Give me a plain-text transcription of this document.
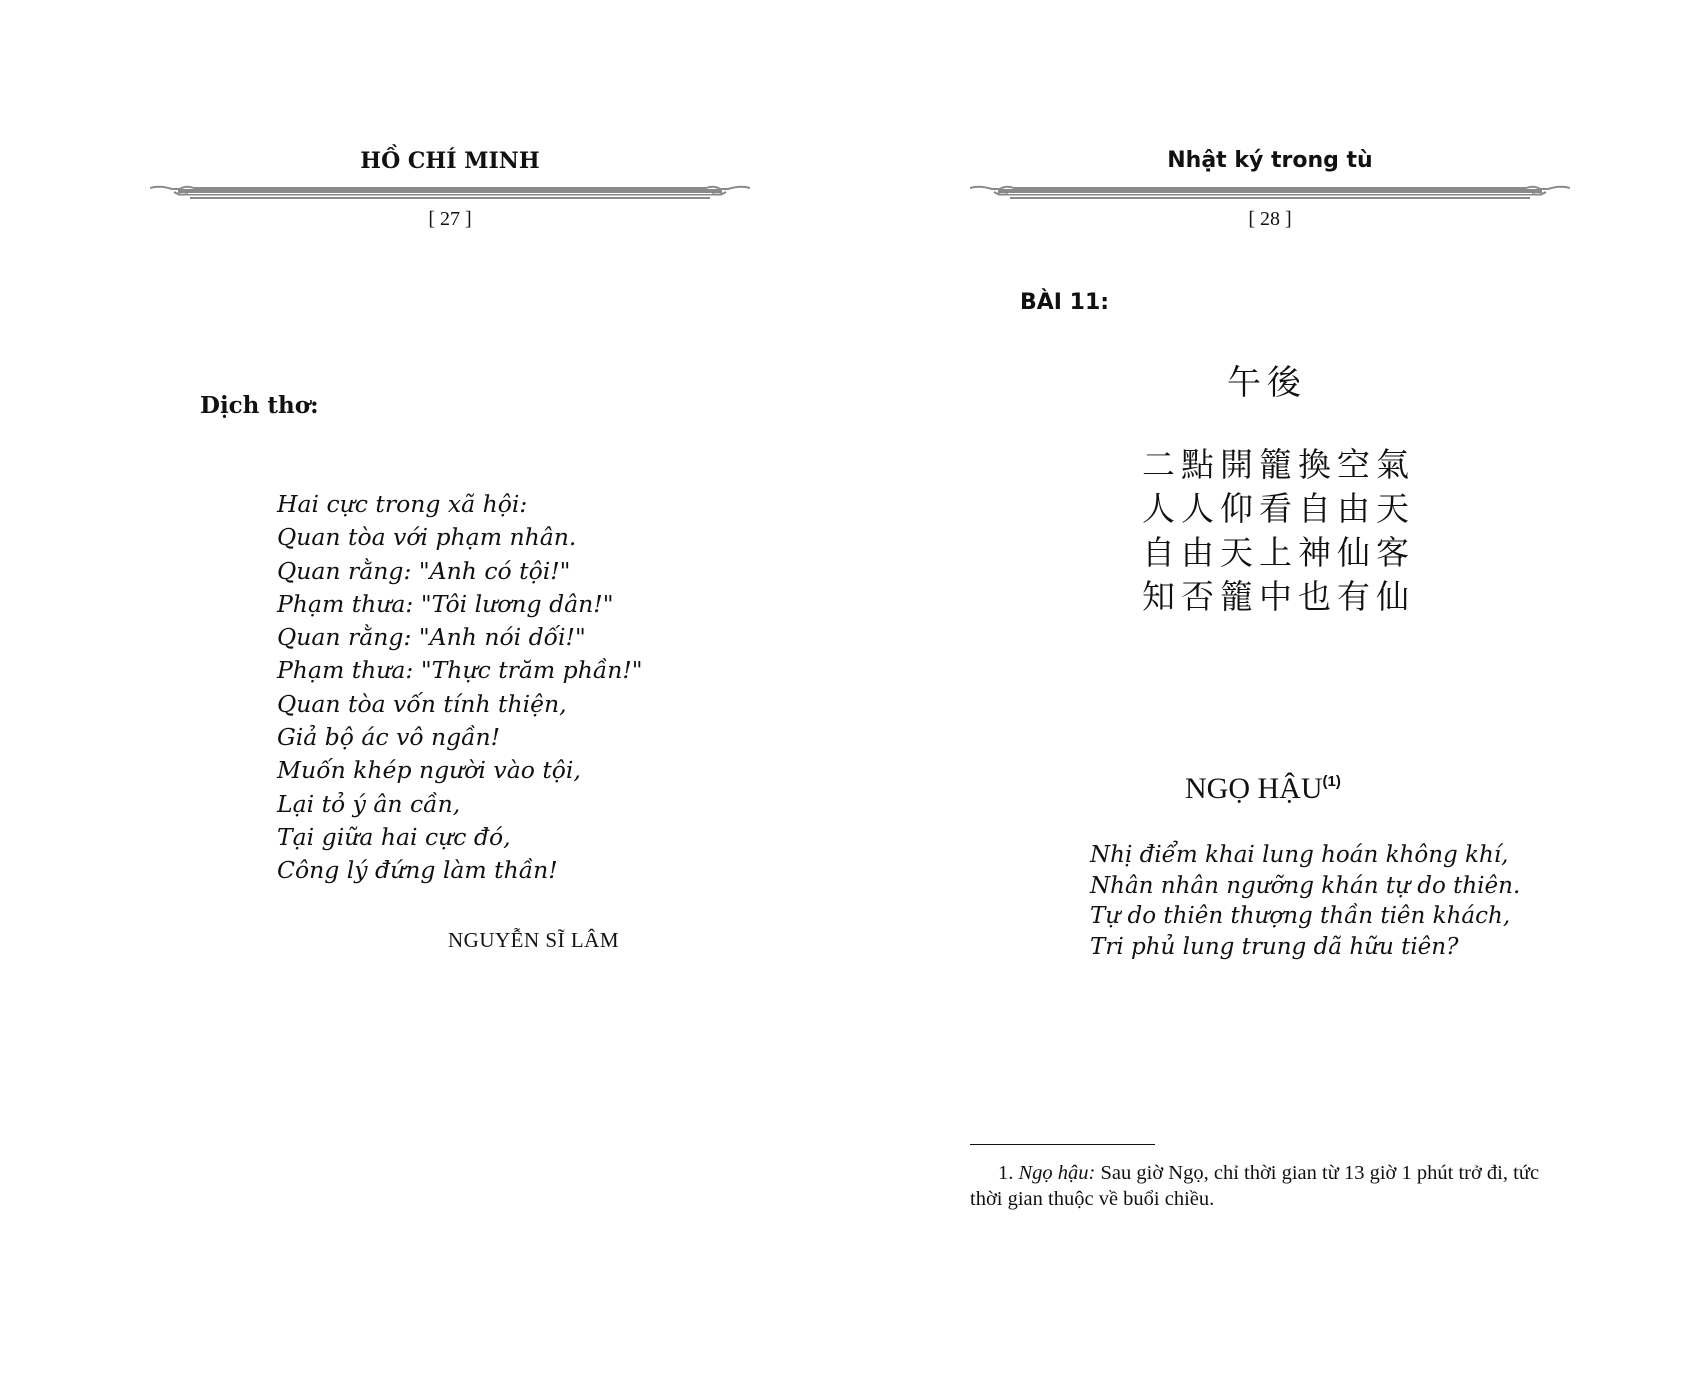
HỒ CHÍ MINH
[ 27 ]
Dịch thơ:
Hai cực trong xã hội:
Quan tòa với phạm nhân.
Quan rằng: "Anh có tội!"
Phạm thưa: "Tôi lương dân!"
Quan rằng: "Anh nói dối!"
Phạm thưa: "Thực trăm phần!"
Quan tòa vốn tính thiện,
Giả bộ ác vô ngần!
Muốn khép người vào tội,
Lại tỏ ý ân cần,
Tại giữa hai cực đó,
Công lý đứng làm thần!
NGUYỄN SĨ LÂM
Nhật ký trong tù
[ 28 ]
BÀI 11:
午後
二點開籠換空氣
人人仰看自由天
自由天上神仙客
知否籠中也有仙
NGỌ HẬU$^{(1)}$
Nhị điểm khai lung hoán không khí,
Nhân nhân ngưỡng khán tự do thiên.
Tự do thiên thượng thần tiên khách,
Tri phủ lung trung dã hữu tiên?

1. Ngọ hậu: Sau giờ Ngọ, chỉ thời gian từ 13 giờ 1 phút trở đi, tức thời gian thuộc về buổi chiều.
